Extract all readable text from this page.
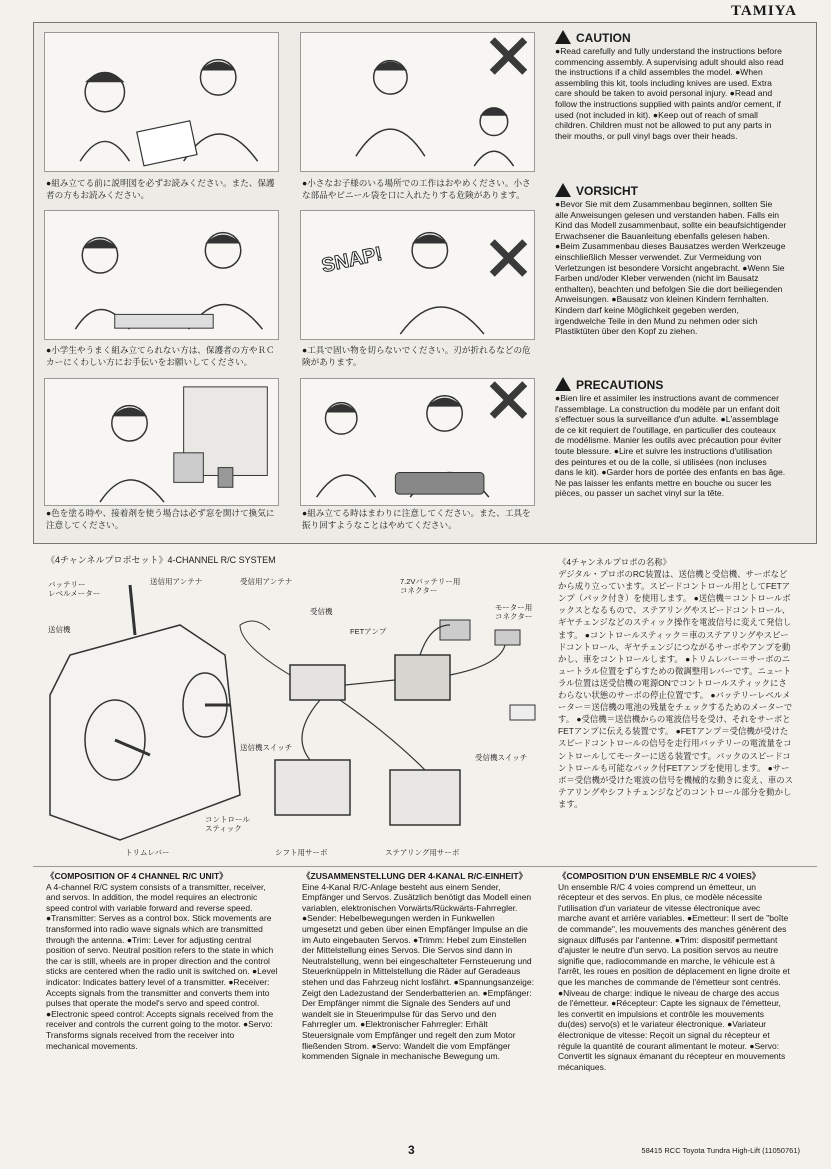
TAMIYA
SNAP!
●組み立てる前に説明図を必ずお読みください。また、保護者の方もお読みください。
●小さなお子様のいる場所での工作はおやめください。小さな部品やビニール袋を口に入れたりする危険があります。
●小学生やうまく組み立てられない方は、保護者の方やＲＣカーにくわしい方にお手伝いをお願いしてください。
●工具で固い物を切らないでください。刃が折れるなどの危険があります。
●色を塗る時や、接着剤を使う場合は必ず窓を開けて換気に注意してください。
●組み立てる時はまわりに注意してください。また、工具を振り回すようなことはやめてください。
CAUTION

●Read carefully and fully understand the instructions before commencing assembly. A supervising adult should also read the instructions if a child assembles the model. ●When assembling this kit, tools including knives are used. Extra care should be taken to avoid personal injury. ●Read and follow the instructions supplied with paints and/or cement, if used (not included in kit). ●Keep out of reach of small children. Children must not be allowed to put any parts in their mouths, or pull vinyl bags over their heads.

VORSICHT

●Bevor Sie mit dem Zusammenbau beginnen, sollten Sie alle Anweisungen gelesen und verstanden haben. Falls ein Kind das Modell zusammenbaut, sollte ein beaufsichtigender Erwachsener die Bauanleitung ebenfalls gelesen haben. ●Beim Zusammenbau dieses Bausatzes werden Werkzeuge einschließlich Messer verwendet. Zur Vermeidung von Verletzungen ist besondere Vorsicht angebracht. ●Wenn Sie Farben und/oder Kleber verwenden (nicht im Bausatz enthalten), beachten und befolgen Sie die dort beiliegenden Anweisungen. ●Bausatz von kleinen Kindern fernhalten. Kindern darf keine Möglichkeit gegeben werden, irgendwelche Teile in den Mund zu nehmen oder sich Plastiktüten über den Kopf zu ziehen.

PRECAUTIONS

●Bien lire et assimiler les instructions avant de commencer l'assemblage. La construction du modèle par un enfant doit s'effectuer sous la surveillance d'un adulte. ●L'assemblage de ce kit requiert de l'outillage, en particulier des couteaux de modélisme. Manier les outils avec précaution pour éviter toute blessure. ●Lire et suivre les instructions d'utilisation des peintures et ou de la colle, si utilisées (non incluses dans le kit). ●Garder hors de portée des enfants en bas âge. Ne pas laisser les enfants mettre en bouche ou sucer les pièces, ou passer un sachet vinyl sur la tête.

《4チャンネルプロポセット》4-CHANNEL R/C SYSTEM
バッテリー
レベルメーター
送信用アンテナ	受信用アンテナ	7.2Vバッテリー用
コネクター
受信機	モーター用
コネクター
送信機	FETアンプ
送信機スイッチ
受信機スイッチ
コントロール
スティック
トリムレバー	シフト用サーボ	ステアリング用サーボ

《4チャンネルプロポの名称》

デジタル・プロポのRC装置は、送信機と受信機、サーボなどから成り立っています。スピードコントロール用としてFETアンプ（パック付き）を使用します。 ●送信機＝コントロールボックスとなるもので、ステアリングやスピードコントロール、ギヤチェンジなどのスティック操作を電波信号に変えて発信します。 ●コントロールスティック＝車のステアリングやスピードコントロール、ギヤチェンジにつながるサーボやアンプを動かし、車をコントロールします。 ●トリムレバー＝サーボのニュートラル位置をずらすための微調整用レバーです。ニュートラル位置は送受信機の電源ONでコントロールスティックにさわらない状態のサーボの停止位置です。 ●バッテリーレベルメーター＝送信機の電池の残量をチェックするためのメーターです。 ●受信機＝送信機からの電波信号を受け、それをサーボとFETアンプに伝える装置です。 ●FETアンプ＝受信機が受けたスピードコントロールの信号を走行用バッテリーの電流量をコントロールしてモーターに送る装置です。バックのスピードコントロールも可能なバック付FETアンプを使用します。 ●サーボ＝受信機が受けた電波の信号を機械的な動きに変え、車のステアリングやシフトチェンジなどのコントロール部分を動かします。

《COMPOSITION OF 4 CHANNEL R/C UNIT》

A 4-channel R/C system consists of a transmitter, receiver, and servos. In addition, the model requires an electronic speed control with variable forward and reverse speed. ●Transmitter: Serves as a control box. Stick movements are transformed into radio wave signals which are transmitted through the antenna. ●Trim: Lever for adjusting central position of servo. Neutral position refers to the state in which the car is still, wheels are in proper direction and the control sticks are centered when the radio unit is switched on. ●Level indicator: Indicates battery level of a transmitter. ●Receiver: Accepts signals from the transmitter and converts them into pulses that operate the model's servo and speed control. ●Electronic speed control: Accepts signals received from the receiver and controls the current going to the motor. ●Servo: Transforms signals received from the receiver into mechanical movements.

《ZUSAMMENSTELLUNG DER 4-KANAL R/C-EINHEIT》

Eine 4-Kanal R/C-Anlage besteht aus einem Sender, Empfänger und Servos. Zusätzlich benötigt das Modell einen variablen, elektronischen Vorwärts/Rückwärts-Fahrregler. ●Sender: Hebelbewegungen werden in Funkwellen umgesetzt und geben über einen Empfänger Impulse an die im Auto eingebauten Servos. ●Trimm: Hebel zum Einstellen der Mittelstellung eines Servos. Die Servos sind dann in Neutralstellung, wenn bei eingeschalteter Fernsteuerung und Steuerknüppeln in Mittelstellung die Räder auf Geradeaus stehen und das Fahrzeug nicht losfährt. ●Spannungsanzeige: Zeigt den Ladezustand der Senderbatterien an. ●Empfänger: Der Empfänger nimmt die Signale des Senders auf und wandelt sie in Steuerimpulse für das Servo und den Fahrregler um. ●Elektronischer Fahrregler: Erhält Steuersignale vom Empfänger und regelt den zum Motor fließenden Strom. ●Servo: Wandelt die vom Empfänger kommenden Signale in mechanische Bewegung um.

《COMPOSITION D'UN ENSEMBLE R/C 4 VOIES》

Un ensemble R/C 4 voies comprend un émetteur, un récepteur et des servos. En plus, ce modèle nécessite l'utilisation d'un variateur de vitesse électronique avec marche avant et arrière variables. ●Emetteur: Il sert de "boîte de commande", les mouvements des manches génèrent des signaux diffusés par l'antenne. ●Trim: dispositif permettant d'ajuster le neutre d'un servo. La position servos au neutre signifie que, radiocommande en marche, le véhicule est à l'arrêt, les roues en position de déplacement en ligne droite et que les manches de commande de l'émetteur sont centrés. ●Niveau de charge: indique le niveau de charge des accus de l'émetteur. ●Récepteur: Capte les signaux de l'émetteur, les convertit en impulsions et contrôle les mouvements du(des) servo(s) et le variateur électronique. ●Variateur électronique de vitesse: Reçoit un signal du récepteur et régule la quantité de courant alimentant le moteur. ●Servo: Convertit les signaux émanant du récepteur en mouvements mécaniques.

3	58415 RCC Toyota Tundra High-Lift (11050761)
